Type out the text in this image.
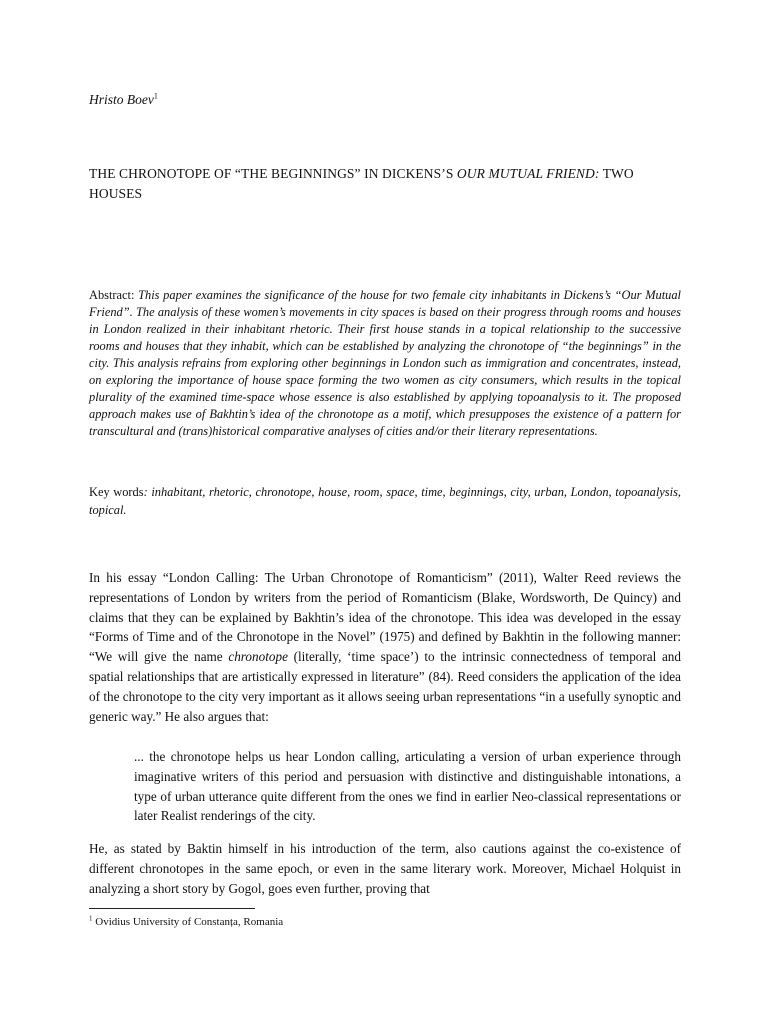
Hristo Boev$^1$
THE CHRONOTOPE OF “THE BEGINNINGS” IN DICKENS’S OUR MUTUAL FRIEND: TWO HOUSES
Abstract: This paper examines the significance of the house for two female city inhabitants in Dickens’s “Our Mutual Friend”. The analysis of these women’s movements in city spaces is based on their progress through rooms and houses in London realized in their inhabitant rhetoric. Their first house stands in a topical relationship to the successive rooms and houses that they inhabit, which can be established by analyzing the chronotope of “the beginnings” in the city. This analysis refrains from exploring other beginnings in London such as immigration and concentrates, instead, on exploring the importance of house space forming the two women as city consumers, which results in the topical plurality of the examined time-space whose essence is also established by applying topoanalysis to it. The proposed approach makes use of Bakhtin’s idea of the chronotope as a motif, which presupposes the existence of a pattern for transcultural and (trans)historical comparative analyses of cities and/or their literary representations.
Key words: inhabitant, rhetoric, chronotope, house, room, space, time, beginnings, city, urban, London, topoanalysis, topical.
In his essay “London Calling: The Urban Chronotope of Romanticism” (2011), Walter Reed reviews the representations of London by writers from the period of Romanticism (Blake, Wordsworth, De Quincy) and claims that they can be explained by Bakhtin’s idea of the chronotope. This idea was developed in the essay “Forms of Time and of the Chronotope in the Novel” (1975) and defined by Bakhtin in the following manner: “We will give the name chronotope (literally, ‘time space’) to the intrinsic connectedness of temporal and spatial relationships that are artistically expressed in literature” (84). Reed considers the application of the idea of the chronotope to the city very important as it allows seeing urban representations “in a usefully synoptic and generic way.” He also argues that:
... the chronotope helps us hear London calling, articulating a version of urban experience through imaginative writers of this period and persuasion with distinctive and distinguishable intonations, a type of urban utterance quite different from the ones we find in earlier Neo-classical representations or later Realist renderings of the city.
He, as stated by Baktin himself in his introduction of the term, also cautions against the co-existence of different chronotopes in the same epoch, or even in the same literary work. Moreover, Michael Holquist in analyzing a short story by Gogol, goes even further, proving that
$^1$ Ovidius University of Constanța, Romania
